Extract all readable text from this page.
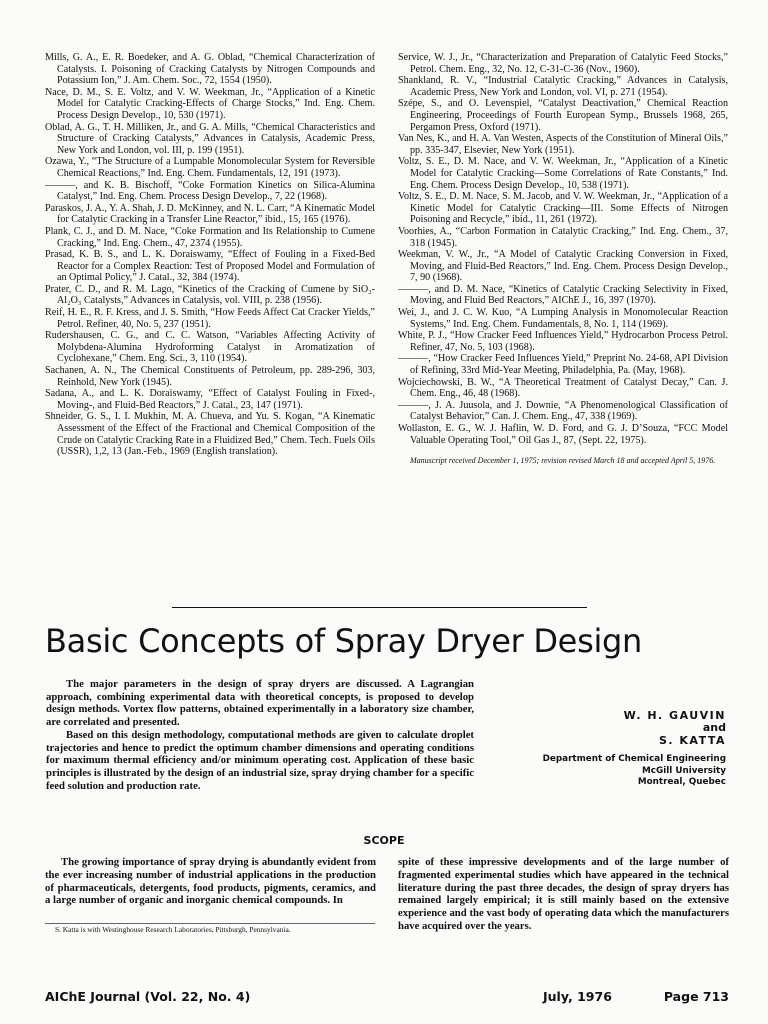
Mills, G. A., E. R. Boedeker, and A. G. Oblad, “Chemical Characterization of Catalysts. I. Poisoning of Cracking Catalysts by Nitrogen Compounds and Potassium Ion,” J. Am. Chem. Soc., 72, 1554 (1950).

Nace, D. M., S. E. Voltz, and V. W. Weekman, Jr., “Application of a Kinetic Model for Catalytic Cracking-Effects of Charge Stocks,” Ind. Eng. Chem. Process Design Develop., 10, 530 (1971).

Oblad, A. G., T. H. Milliken, Jr., and G. A. Mills, “Chemical Characteristics and Structure of Cracking Catalysts,” Advances in Catalysis, Academic Press, New York and London, vol. III, p. 199 (1951).

Ozawa, Y., “The Structure of a Lumpable Monomolecular System for Reversible Chemical Reactions,” Ind. Eng. Chem. Fundamentals, 12, 191 (1973).

———, and K. B. Bischoff, “Coke Formation Kinetics on Silica-Alumina Catalyst,” Ind. Eng. Chem. Process Design Develop., 7, 22 (1968).

Paraskos, J. A., Y. A. Shah, J. D. McKinney, and N. L. Carr, “A Kinematic Model for Catalytic Cracking in a Transfer Line Reactor,” ibid., 15, 165 (1976).

Plank, C. J., and D. M. Nace, “Coke Formation and Its Relationship to Cumene Cracking,” Ind. Eng. Chem., 47, 2374 (1955).

Prasad, K. B. S., and L. K. Doraiswamy, “Effect of Fouling in a Fixed-Bed Reactor for a Complex Reaction: Test of Proposed Model and Formulation of an Optimal Policy,” J. Catal., 32, 384 (1974).

Prater, C. D., and R. M. Lago, “Kinetics of the Cracking of Cumene by SiO₂-Al₂O₃ Catalysts,” Advances in Catalysis, vol. VIII, p. 238 (1956).

Reif, H. E., R. F. Kress, and J. S. Smith, “How Feeds Affect Cat Cracker Yields,” Petrol. Refiner, 40, No. 5, 237 (1951).

Rudershausen, C. G., and C. C. Watson, “Variables Affecting Activity of Molybdena-Alumina Hydroforming Catalyst in Aromatization of Cyclohexane,” Chem. Eng. Sci., 3, 110 (1954).

Sachanen, A. N., The Chemical Constituents of Petroleum, pp. 289-296, 303, Reinhold, New York (1945).

Sadana, A., and L. K. Doraiswamy, “Effect of Catalyst Fouling in Fixed-, Moving-, and Fluid-Bed Reactors,” J. Catal., 23, 147 (1971).

Shneider, G. S., I. I. Mukhin, M. A. Chueva, and Yu. S. Kogan, “A Kinematic Assessment of the Effect of the Fractional and Chemical Composition of the Crude on Catalytic Cracking Rate in a Fluidized Bed,” Chem. Tech. Fuels Oils (USSR), 1,2, 13 (Jan.-Feb., 1969 (English translation).

Service, W. J., Jr., “Characterization and Preparation of Catalytic Feed Stocks,” Petrol. Chem. Eng., 32, No. 12, C-31-C-36 (Nov., 1960).

Shankland, R. V., “Industrial Catalytic Cracking,” Advances in Catalysis, Academic Press, New York and London, vol. VI, p. 271 (1954).

Szépe, S., and O. Levenspiel, “Catalyst Deactivation,” Chemical Reaction Engineering, Proceedings of Fourth European Symp., Brussels 1968, 265, Pergamon Press, Oxford (1971).

Van Nes, K., and H. A. Van Westen, Aspects of the Constitution of Mineral Oils,” pp. 335-347, Elsevier, New York (1951).

Voltz, S. E., D. M. Nace, and V. W. Weekman, Jr., “Application of a Kinetic Model for Catalytic Cracking—Some Correlations of Rate Constants,” Ind. Eng. Chem. Process Design Develop., 10, 538 (1971).

Voltz, S. E., D. M. Nace, S. M. Jacob, and V. W. Weekman, Jr., “Application of a Kinetic Model for Catalytic Cracking—III. Some Effects of Nitrogen Poisoning and Recycle,” ibid., 11, 261 (1972).

Voorhies, A., “Carbon Formation in Catalytic Cracking,” Ind. Eng. Chem., 37, 318 (1945).

Weekman, V. W., Jr., “A Model of Catalytic Cracking Conversion in Fixed, Moving, and Fluid-Bed Reactors,” Ind. Eng. Chem. Process Design Develop., 7, 90 (1968).

———, and D. M. Nace, “Kinetics of Catalytic Cracking Selectivity in Fixed, Moving, and Fluid Bed Reactors,” AIChE J., 16, 397 (1970).

Wei, J., and J. C. W. Kuo, “A Lumping Analysis in Monomolecular Reaction Systems,” Ind. Eng. Chem. Fundamentals, 8, No. 1, 114 (1969).

White, P. J., “How Cracker Feed Influences Yield,” Hydrocarbon Process Petrol. Refiner, 47, No. 5, 103 (1968).

———, “How Cracker Feed Influences Yield,” Preprint No. 24-68, API Division of Refining, 33rd Mid-Year Meeting, Philadelphia, Pa. (May, 1968).

Wojciechowski, B. W., “A Theoretical Treatment of Catalyst Decay,” Can. J. Chem. Eng., 46, 48 (1968).

———, J. A. Juusola, and J. Downie, “A Phenomenological Classification of Catalyst Behavior,” Can. J. Chem. Eng., 47, 338 (1969).

Wollaston, E. G., W. J. Haflin, W. D. Ford, and G. J. D’Souza, “FCC Model Valuable Operating Tool,” Oil Gas J., 87, (Sept. 22, 1975).

Manuscript received December 1, 1975; revision revised March 18 and accepted April 5, 1976.

Basic Concepts of Spray Dryer Design

The major parameters in the design of spray dryers are discussed. A Lagrangian approach, combining experimental data with theoretical concepts, is proposed to develop design methods. Vortex flow patterns, obtained experimentally in a laboratory size chamber, are correlated and presented.

Based on this design methodology, computational methods are given to calculate droplet trajectories and hence to predict the optimum chamber dimensions and operating conditions for maximum thermal efficiency and/or minimum operating cost. Application of these basic principles is illustrated by the design of an industrial size, spray drying chamber for a specific feed solution and production rate.

W. H. GAUVIN

and

S. KATTA

Department of Chemical Engineering

McGill University

Montreal, Quebec

SCOPE

The growing importance of spray drying is abundantly evident from the ever increasing number of industrial applications in the production of pharmaceuticals, detergents, food products, pigments, ceramics, and a large number of organic and inorganic chemical compounds. In

spite of these impressive developments and of the large number of fragmented experimental studies which have appeared in the technical literature during the past three decades, the design of spray dryers has remained largely empirical; it is still mainly based on the extensive experience and the vast body of operating data which the manufacturers have acquired over the years.

S. Katta is with Westinghouse Research Laboratories, Pittsburgh, Pennsylvania.
AIChE Journal (Vol. 22, No. 4)	July, 1976	Page 713
